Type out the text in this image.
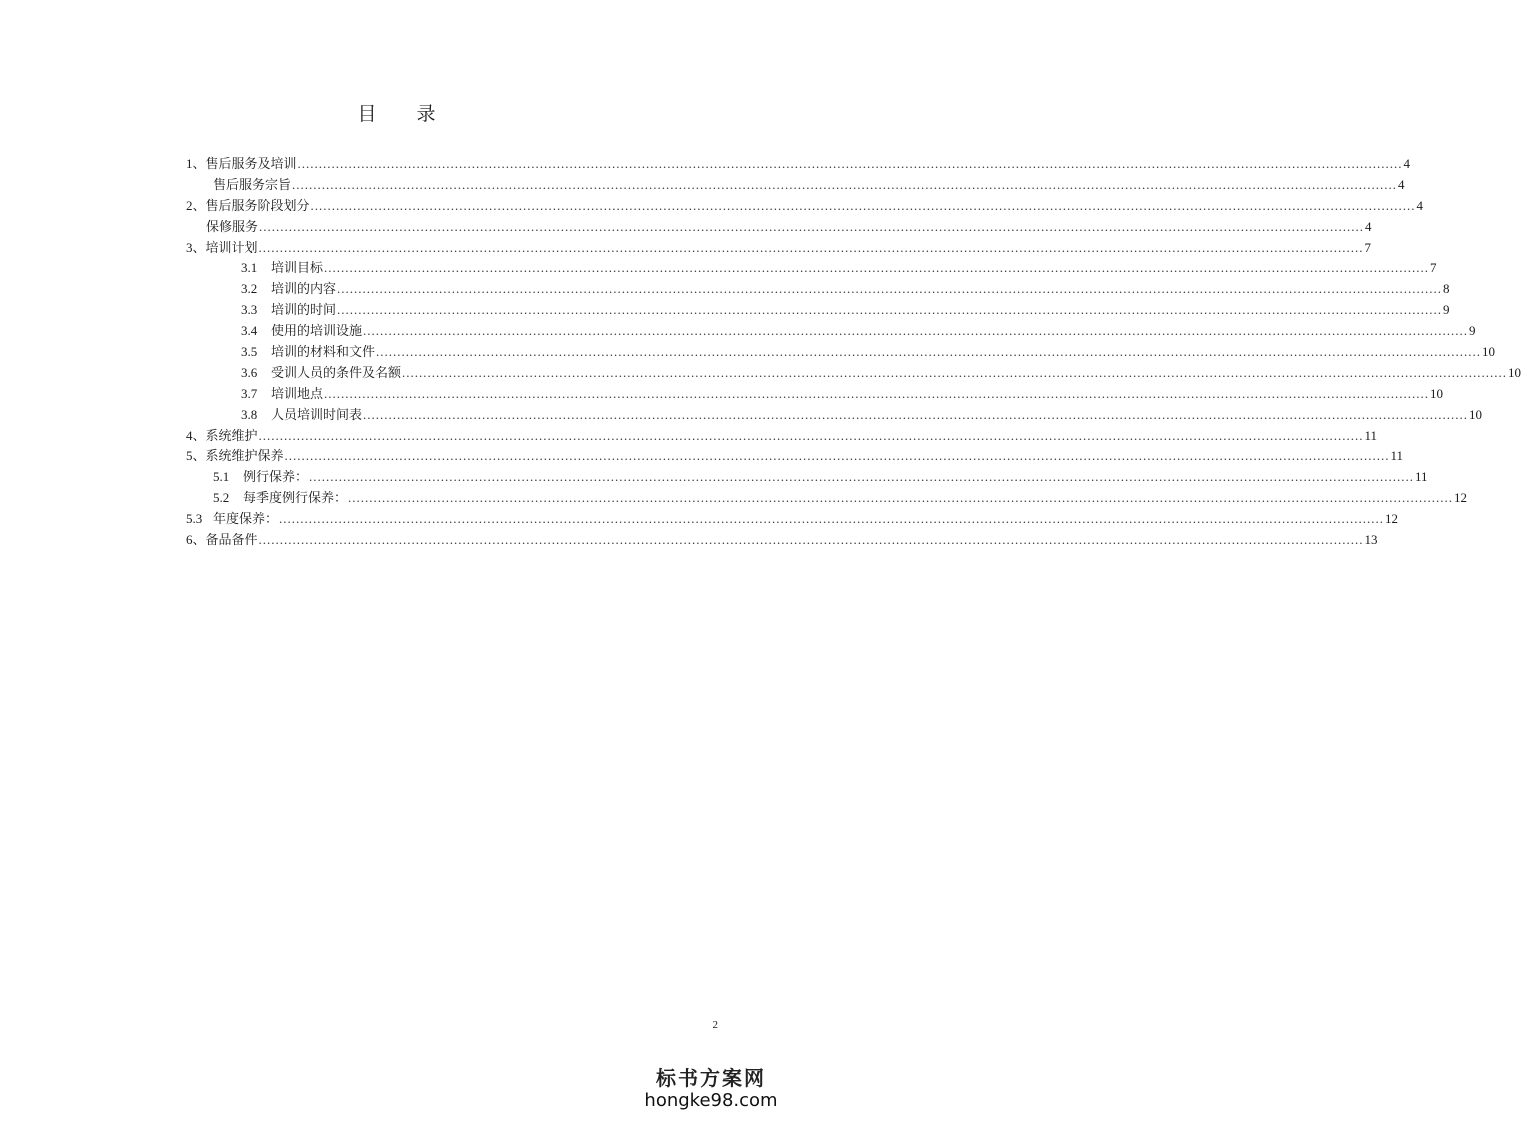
目录
1、 售后服务及培训 .................................................................................................................................................................................................................................................................... 4
售后服务宗旨 .................................................................................................................................................................................................................................................................... 4
2、 售后服务阶段划分 .................................................................................................................................................................................................................................................................... 4
保修服务 .................................................................................................................................................................................................................................................................... 4
3、 培训计划 .................................................................................................................................................................................................................................................................... 7
3.1	培训目标 .................................................................................................................................................................................................................................................................... 7
3.2	培训的内容 .................................................................................................................................................................................................................................................................... 8
3.3	培训的时间 .................................................................................................................................................................................................................................................................... 9
3.4	使用的培训设施 .................................................................................................................................................................................................................................................................... 9
3.5	培训的材料和文件 .................................................................................................................................................................................................................................................................... 10
3.6	受训人员的条件及名额 .................................................................................................................................................................................................................................................................... 10
3.7	培训地点 .................................................................................................................................................................................................................................................................... 10
3.8	人员培训时间表 .................................................................................................................................................................................................................................................................... 10
4、 系统维护 .................................................................................................................................................................................................................................................................... 11
5、 系统维护保养 .................................................................................................................................................................................................................................................................... 11
5.1	例行保养： .................................................................................................................................................................................................................................................................... 11
5.2	每季度例行保养： .................................................................................................................................................................................................................................................................... 12
5.3 年度保养： .................................................................................................................................................................................................................................................................... 12
6、 备品备件 .................................................................................................................................................................................................................................................................... 13
2
标书方案网
hongke98.com
